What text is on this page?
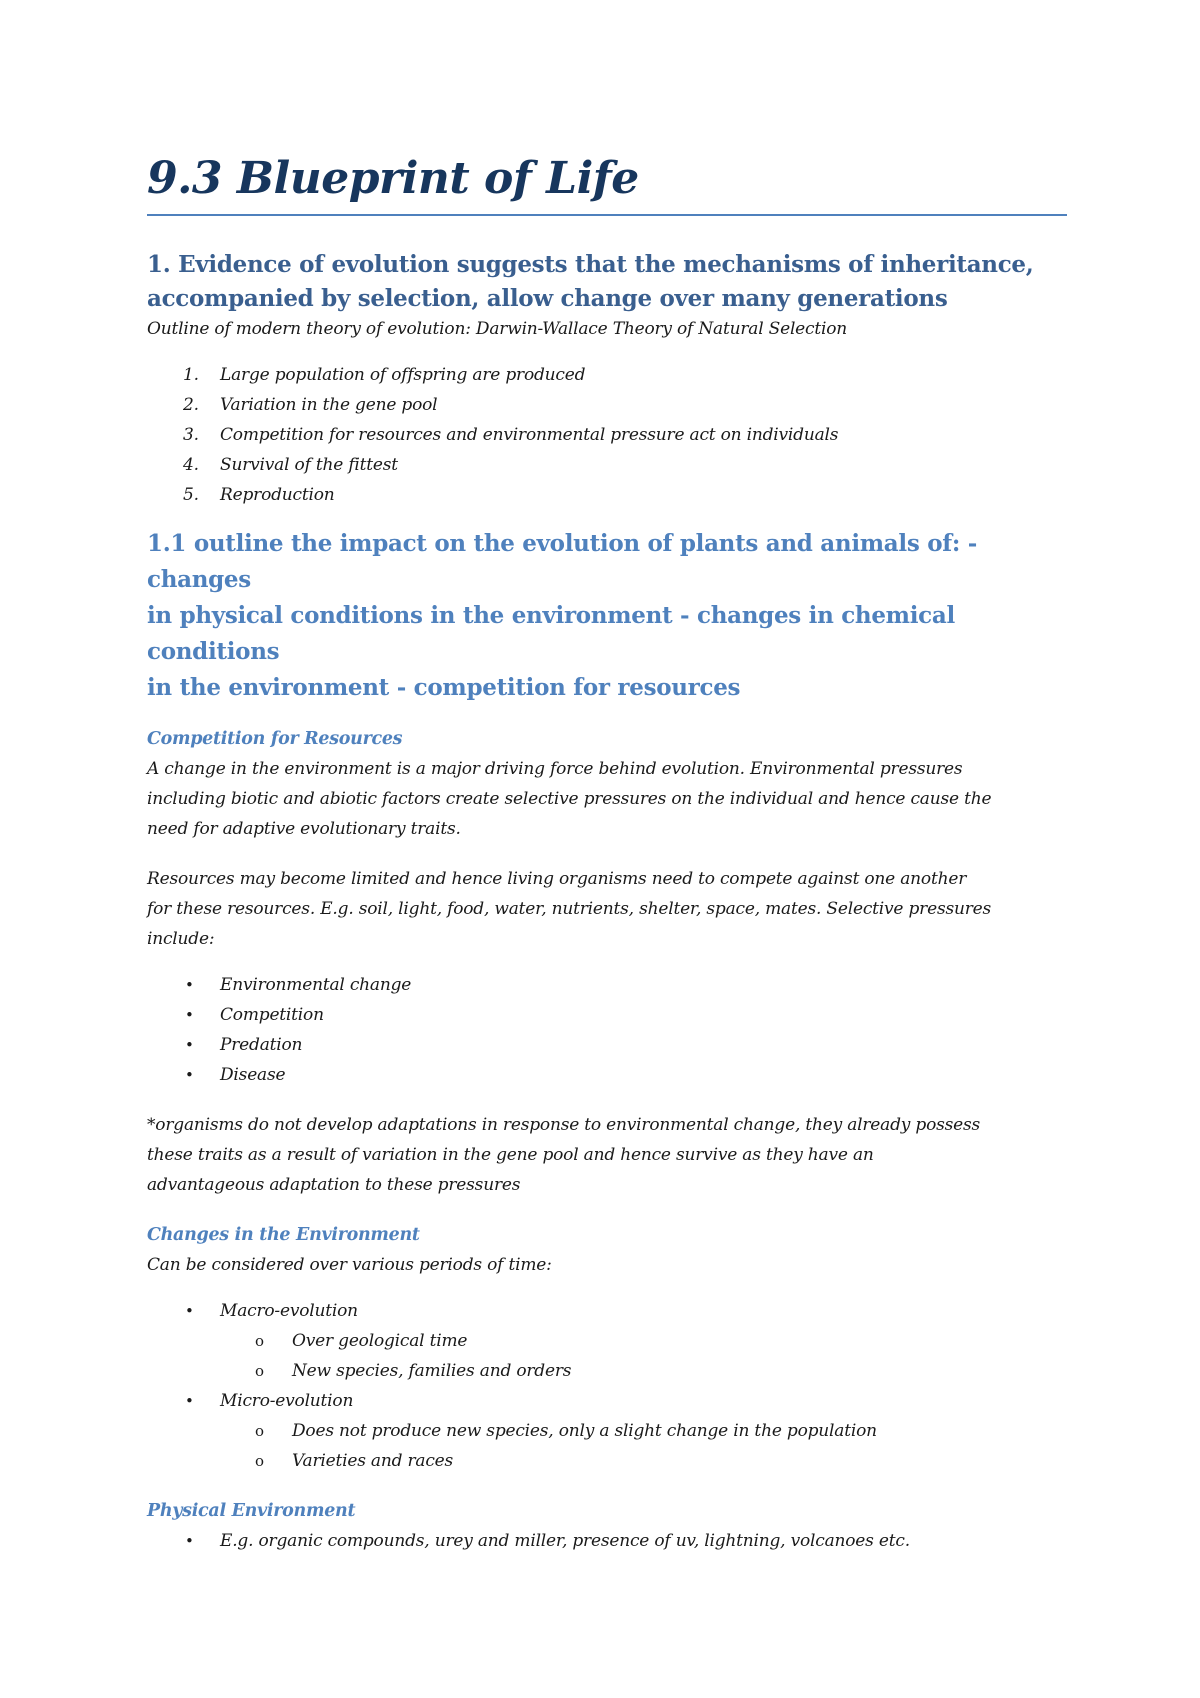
9.3 Blueprint of Life
1. Evidence of evolution suggests that the mechanisms of inheritance,
accompanied by selection, allow change over many generations

Outline of modern theory of evolution: Darwin-Wallace Theory of Natural Selection

1. Large population of offspring are produced
2. Variation in the gene pool
3. Competition for resources and environmental pressure act on individuals
4. Survival of the fittest
5. Reproduction
1.1 outline the impact on the evolution of plants and animals of: - changes
in physical conditions in the environment - changes in chemical conditions
in the environment - competition for resources
Competition for Resources
A change in the environment is a major driving force behind evolution. Environmental pressures
including biotic and abiotic factors create selective pressures on the individual and hence cause the
need for adaptive evolutionary traits.
Resources may become limited and hence living organisms need to compete against one another
for these resources. E.g. soil, light, food, water, nutrients, shelter, space, mates. Selective pressures
include:
• Environmental change
• Competition
• Predation
• Disease
*organisms do not develop adaptations in response to environmental change, they already possess
these traits as a result of variation in the gene pool and hence survive as they have an
advantageous adaptation to these pressures
Changes in the Environment
Can be considered over various periods of time:
• Macro-evolution
o Over geological time
o New species, families and orders
• Micro-evolution
o Does not produce new species, only a slight change in the population
o Varieties and races
Physical Environment
• E.g. organic compounds, urey and miller, presence of uv, lightning, volcanoes etc.
